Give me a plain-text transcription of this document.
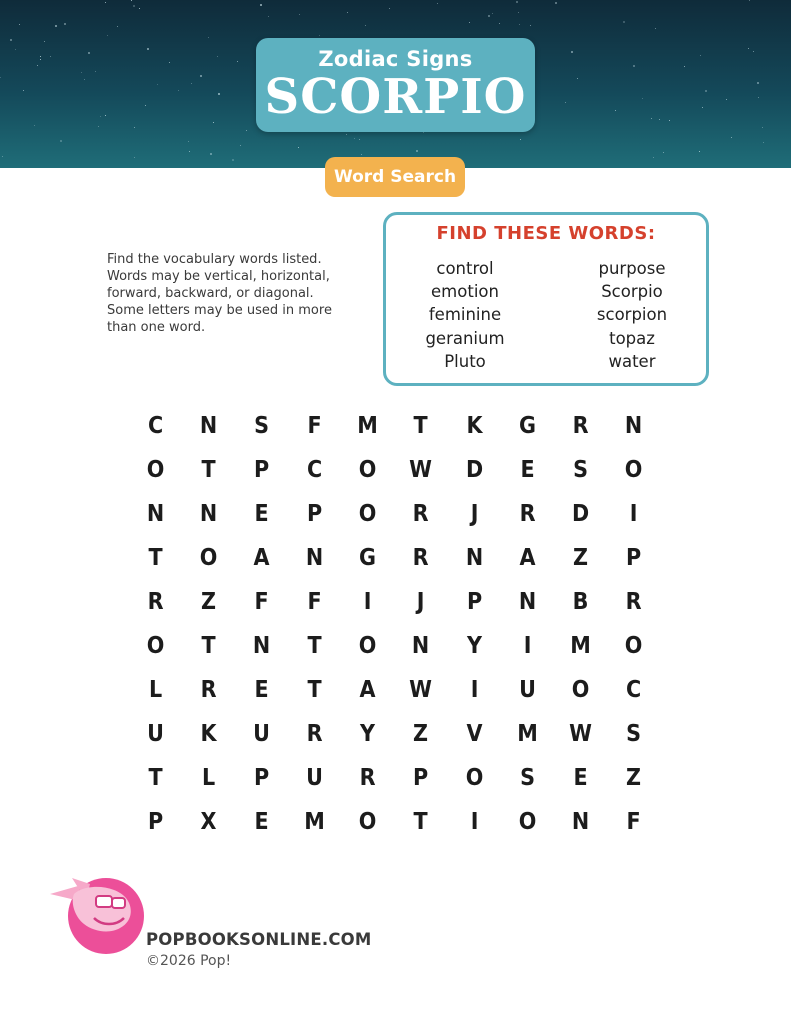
Zodiac Signs
SCORPIO
Word Search
Find the vocabulary words listed. Words may be vertical, horizontal, forward, backward, or diagonal. Some letters may be used in more than one word.
FIND THESE WORDS:
control
emotion
feminine
geranium
Pluto
purpose
Scorpio
scorpion
topaz
water
C	N	S	F	M	T	K	G	R	N
O	T	P	C	O	W	D	E	S	O
N	N	E	P	O	R	J	R	D	I
T	O	A	N	G	R	N	A	Z	P
R	Z	F	F	I	J	P	N	B	R
O	T	N	T	O	N	Y	I	M	O
L	R	E	T	A	W	I	U	O	C
U	K	U	R	Y	Z	V	M	W	S
T	L	P	U	R	P	O	S	E	Z
P	X	E	M	O	T	I	O	N	F
POPBOOKSONLINE.COM
©2026 Pop!
